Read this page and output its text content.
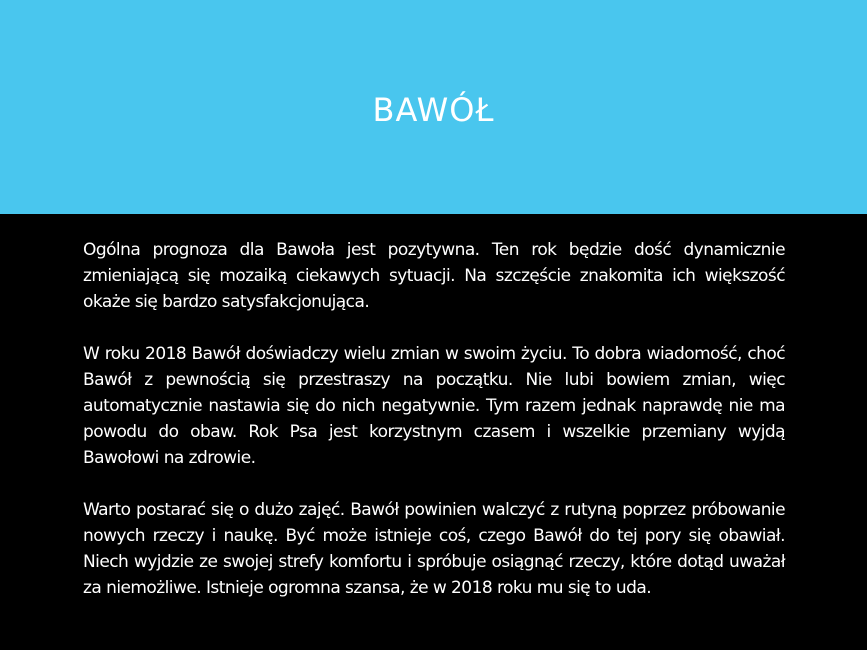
BAWÓŁ

Ogólna prognoza dla Bawoła jest pozytywna. Ten rok będzie dość dynamicznie zmieniającą się mozaiką ciekawych sytuacji. Na szczęście znakomita ich większość okaże się bardzo satysfakcjonująca.

W roku 2018 Bawół doświadczy wielu zmian w swoim życiu. To dobra wiadomość, choć Bawół z pewnością się przestraszy na początku. Nie lubi bowiem zmian, więc automatycznie nastawia się do nich negatywnie. Tym razem jednak naprawdę nie ma powodu do obaw. Rok Psa jest korzystnym czasem i wszelkie przemiany wyjdą Bawołowi na zdrowie.

Warto postarać się o dużo zajęć. Bawół powinien walczyć z rutyną poprzez próbowanie nowych rzeczy i naukę. Być może istnieje coś, czego Bawół do tej pory się obawiał. Niech wyjdzie ze swojej strefy komfortu i spróbuje osiągnąć rzeczy, które dotąd uważał za niemożliwe. Istnieje ogromna szansa, że w 2018 roku mu się to uda.
